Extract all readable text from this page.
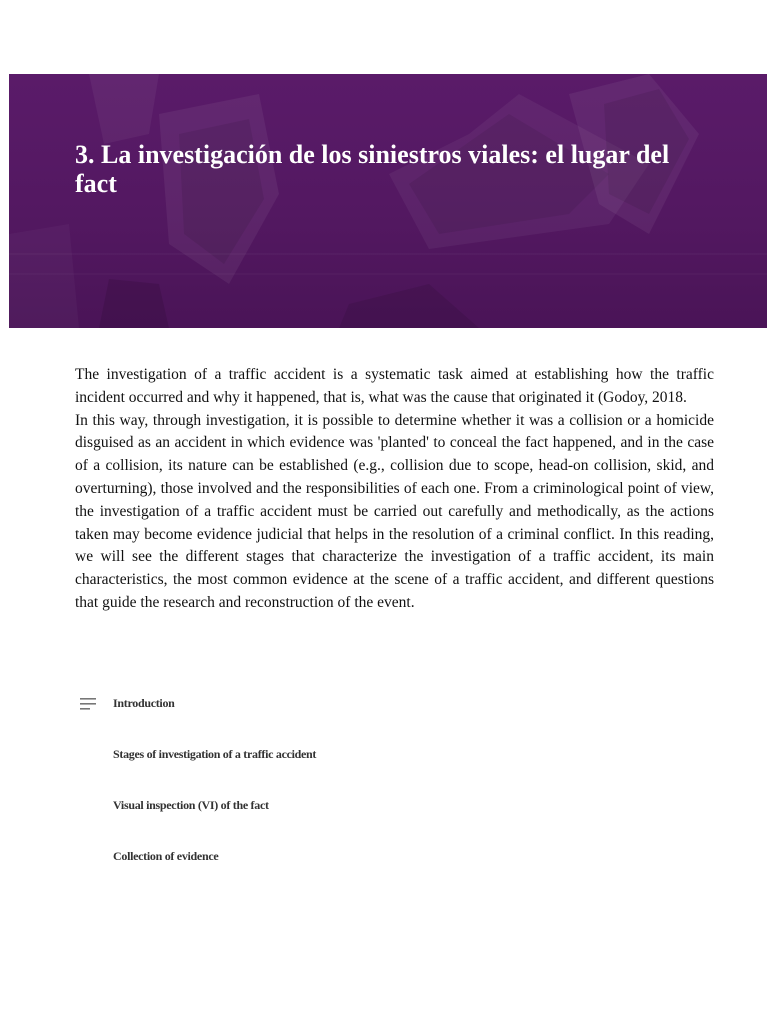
3. La investigación de los siniestros viales: el lugar del fact

The investigation of a traffic accident is a systematic task aimed at establishing how the traffic incident occurred and why it happened, that is, what was the cause that originated it (Godoy, 2018.

In this way, through investigation, it is possible to determine whether it was a collision or a homicide disguised as an accident in which evidence was 'planted' to conceal the fact happened, and in the case of a collision, its nature can be established (e.g., collision due to scope, head-on collision, skid, and overturning), those involved and the responsibilities of each one. From a criminological point of view, the investigation of a traffic accident must be carried out carefully and methodically, as the actions taken may become evidence judicial that helps in the resolution of a criminal conflict. In this reading, we will see the different stages that characterize the investigation of a traffic accident, its main characteristics, the most common evidence at the scene of a traffic accident, and different questions that guide the research and reconstruction of the event.

Introduction
Stages of investigation of a traffic accident
Visual inspection (VI) of the fact
Collection of evidence
